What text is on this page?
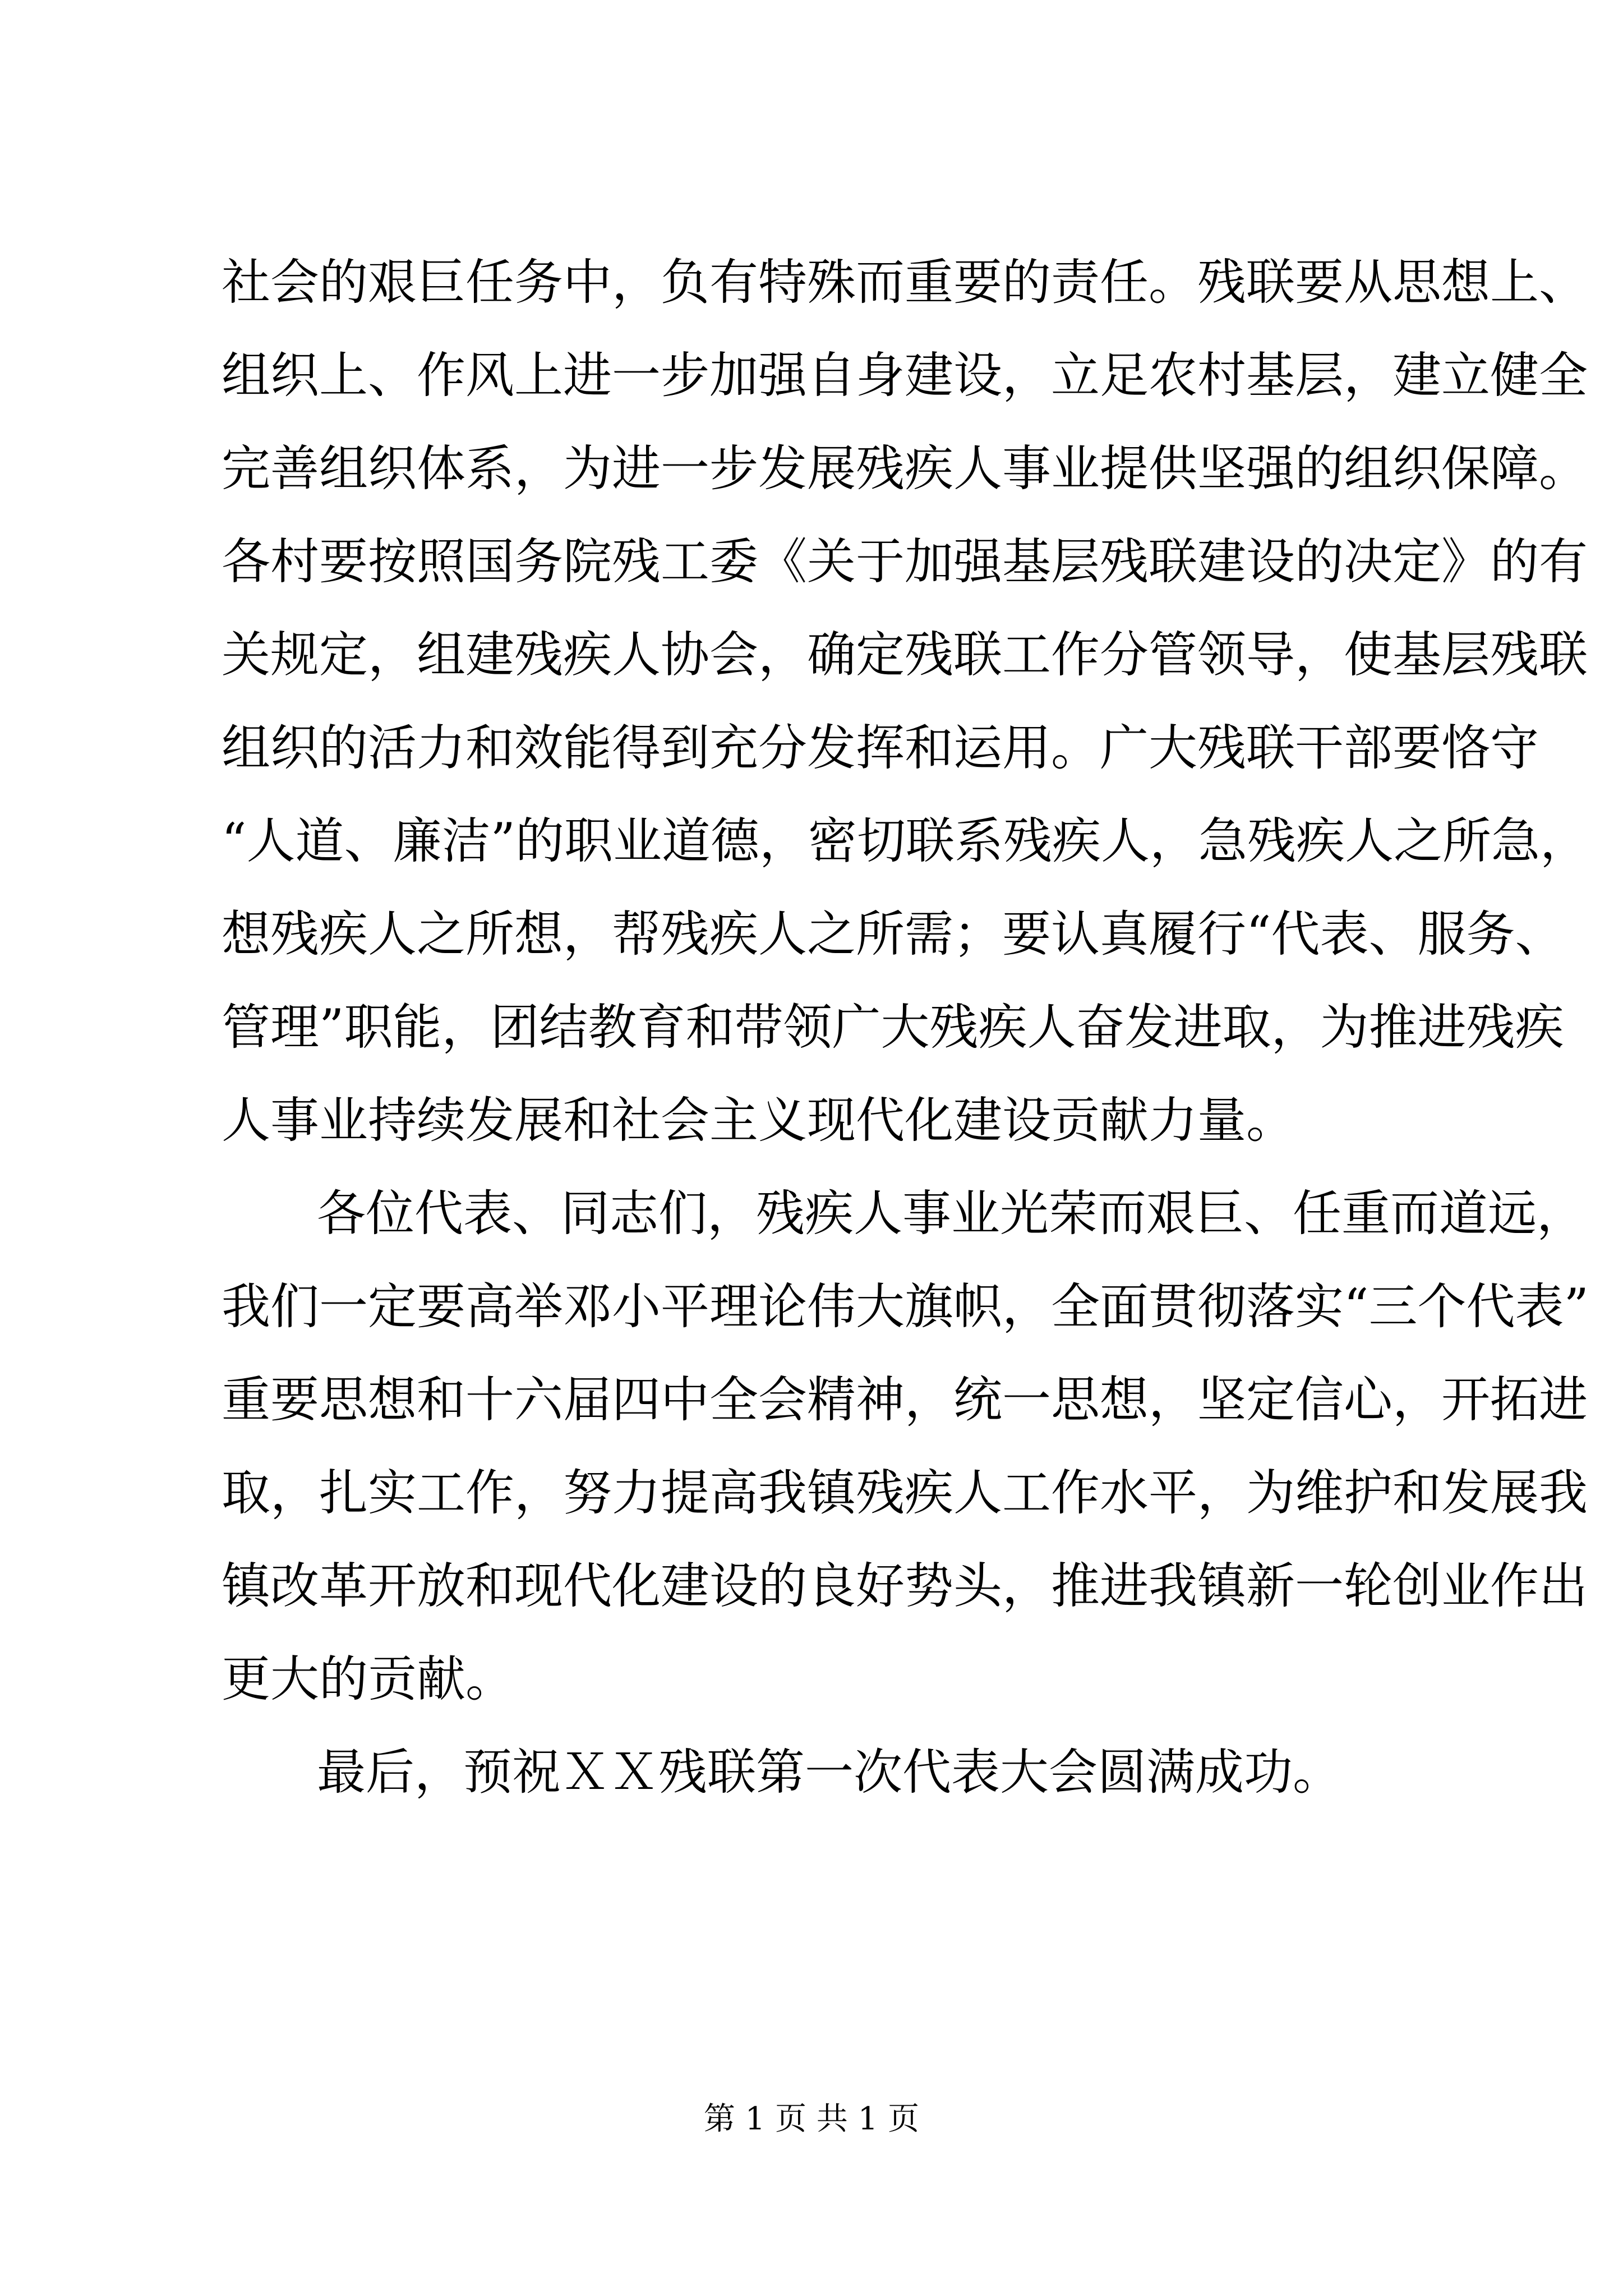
社会的艰巨任务中，负有特殊而重要的责任。残联要从思想上、
组织上、作风上进一步加强自身建设，立足农村基层，建立健全
完善组织体系，为进一步发展残疾人事业提供坚强的组织保障。
各村要按照国务院残工委《关于加强基层残联建设的决定》的有
关规定，组建残疾人协会，确定残联工作分管领导，使基层残联
组织的活力和效能得到充分发挥和运用。广大残联干部要恪守
“人道、廉洁”的职业道德，密切联系残疾人，急残疾人之所急，
想残疾人之所想，帮残疾人之所需；要认真履行“代表、服务、
管理”职能，团结教育和带领广大残疾人奋发进取，为推进残疾
人事业持续发展和社会主义现代化建设贡献力量。
各位代表、同志们，残疾人事业光荣而艰巨、任重而道远，
我们一定要高举邓小平理论伟大旗帜，全面贯彻落实“三个代表”
重要思想和十六届四中全会精神，统一思想，坚定信心，开拓进
取，扎实工作，努力提高我镇残疾人工作水平，为维护和发展我
镇改革开放和现代化建设的良好势头，推进我镇新一轮创业作出
更大的贡献。
最后，预祝ＸＸ残联第一次代表大会圆满成功。
第 1 页 共 1 页
